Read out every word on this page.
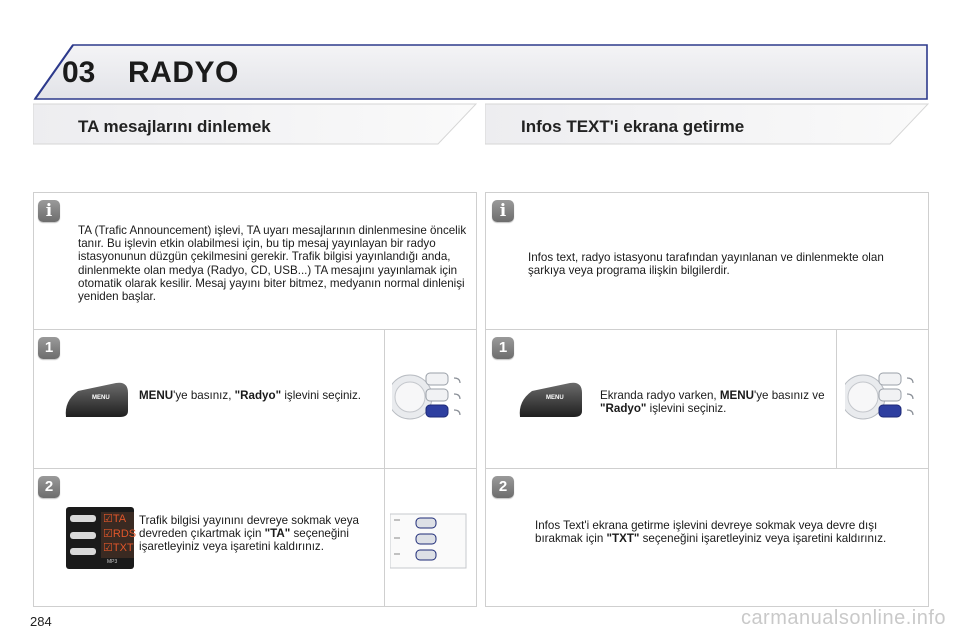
03 RADYO
TA mesajlarını dinlemek	Infos TEXT'i ekrana getirme
i
TA (Trafic Announcement) işlevi, TA uyarı mesajlarının dinlenmesine öncelik tanır. Bu işlevin etkin olabilmesi için, bu tip mesaj yayınlayan bir radyo istasyonunun düzgün çekilmesini gerekir. Trafik bilgisi yayınlandığı anda, dinlenmekte olan medya (Radyo, CD, USB...) TA mesajını yayınlamak için otomatik olarak kesilir. Mesaj yayını biter bitmez, medyanın normal dinlenişi yeniden başlar.
1
MENU	MENU'ye basınız, "Radyo" işlevini seçiniz.
2
☑TA
☑RDS
☑TXT
MP3
Trafik bilgisi yayınını devreye sokmak veya devreden çıkartmak için "TA" seçeneğini işaretleyiniz veya işaretini kaldırınız.
i
Infos text, radyo istasyonu tarafından yayınlanan ve dinlenmekte olan şarkıya veya programa ilişkin bilgilerdir.
1
MENU	Ekranda radyo varken, MENU'ye basınız ve "Radyo" işlevini seçiniz.
2
Infos Text'i ekrana getirme işlevini devreye sokmak veya devre dışı bırakmak için "TXT" seçeneğini işaretleyiniz veya işaretini kaldırınız.
284	carmanualsonline.info
